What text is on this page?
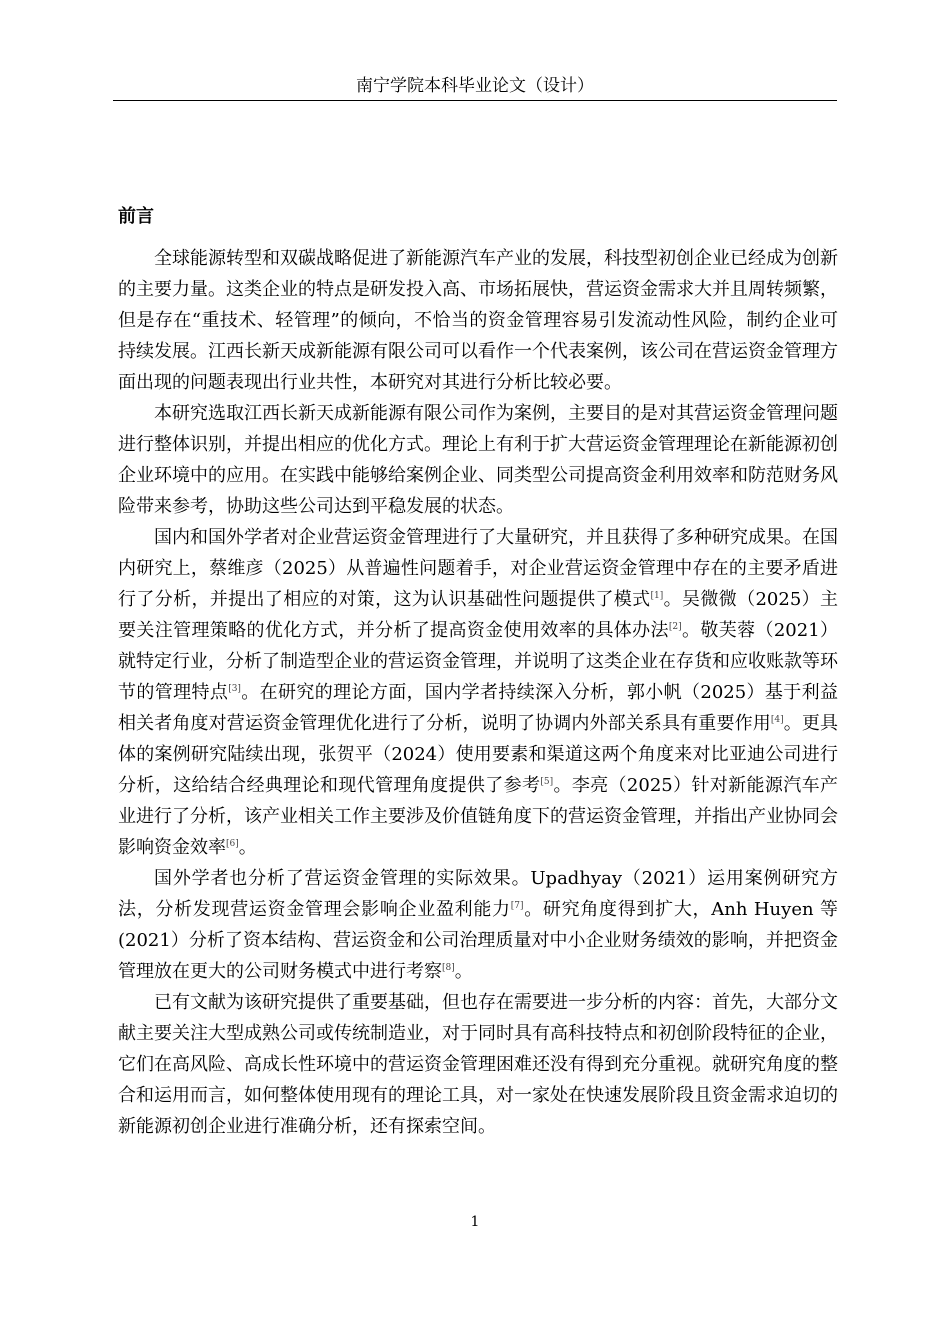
南宁学院本科毕业论文（设计）
前言

全球能源转型和双碳战略促进了新能源汽车产业的发展，科技型初创企业已经成为创新的主要力量。这类企业的特点是研发投入高、市场拓展快，营运资金需求大并且周转频繁，但是存在“重技术、轻管理”的倾向，不恰当的资金管理容易引发流动性风险，制约企业可持续发展。江西长新天成新能源有限公司可以看作一个代表案例，该公司在营运资金管理方面出现的问题表现出行业共性，本研究对其进行分析比较必要。

本研究选取江西长新天成新能源有限公司作为案例，主要目的是对其营运资金管理问题进行整体识别，并提出相应的优化方式。理论上有利于扩大营运资金管理理论在新能源初创企业环境中的应用。在实践中能够给案例企业、同类型公司提高资金利用效率和防范财务风险带来参考，协助这些公司达到平稳发展的状态。

国内和国外学者对企业营运资金管理进行了大量研究，并且获得了多种研究成果。在国内研究上，蔡维彦（2025）从普遍性问题着手，对企业营运资金管理中存在的主要矛盾进行了分析，并提出了相应的对策，这为认识基础性问题提供了模式[1]。吴微微（2025）主要关注管理策略的优化方式，并分析了提高资金使用效率的具体办法[2]。敬芙蓉（2021）就特定行业，分析了制造型企业的营运资金管理，并说明了这类企业在存货和应收账款等环节的管理特点[3]。在研究的理论方面，国内学者持续深入分析，郭小帆（2025）基于利益相关者角度对营运资金管理优化进行了分析，说明了协调内外部关系具有重要作用[4]。更具体的案例研究陆续出现，张贺平（2024）使用要素和渠道这两个角度来对比亚迪公司进行分析，这给结合经典理论和现代管理角度提供了参考[5]。李亮（2025）针对新能源汽车产业进行了分析，该产业相关工作主要涉及价值链角度下的营运资金管理，并指出产业协同会影响资金效率[6]。

国外学者也分析了营运资金管理的实际效果。Upadhyay（2021）运用案例研究方法，分析发现营运资金管理会影响企业盈利能力[7]。研究角度得到扩大，Anh Huyen 等(2021）分析了资本结构、营运资金和公司治理质量对中小企业财务绩效的影响，并把资金管理放在更大的公司财务模式中进行考察[8]。

已有文献为该研究提供了重要基础，但也存在需要进一步分析的内容：首先，大部分文献主要关注大型成熟公司或传统制造业，对于同时具有高科技特点和初创阶段特征的企业，它们在高风险、高成长性环境中的营运资金管理困难还没有得到充分重视。就研究角度的整合和运用而言，如何整体使用现有的理论工具，对一家处在快速发展阶段且资金需求迫切的新能源初创企业进行准确分析，还有探索空间。

1
